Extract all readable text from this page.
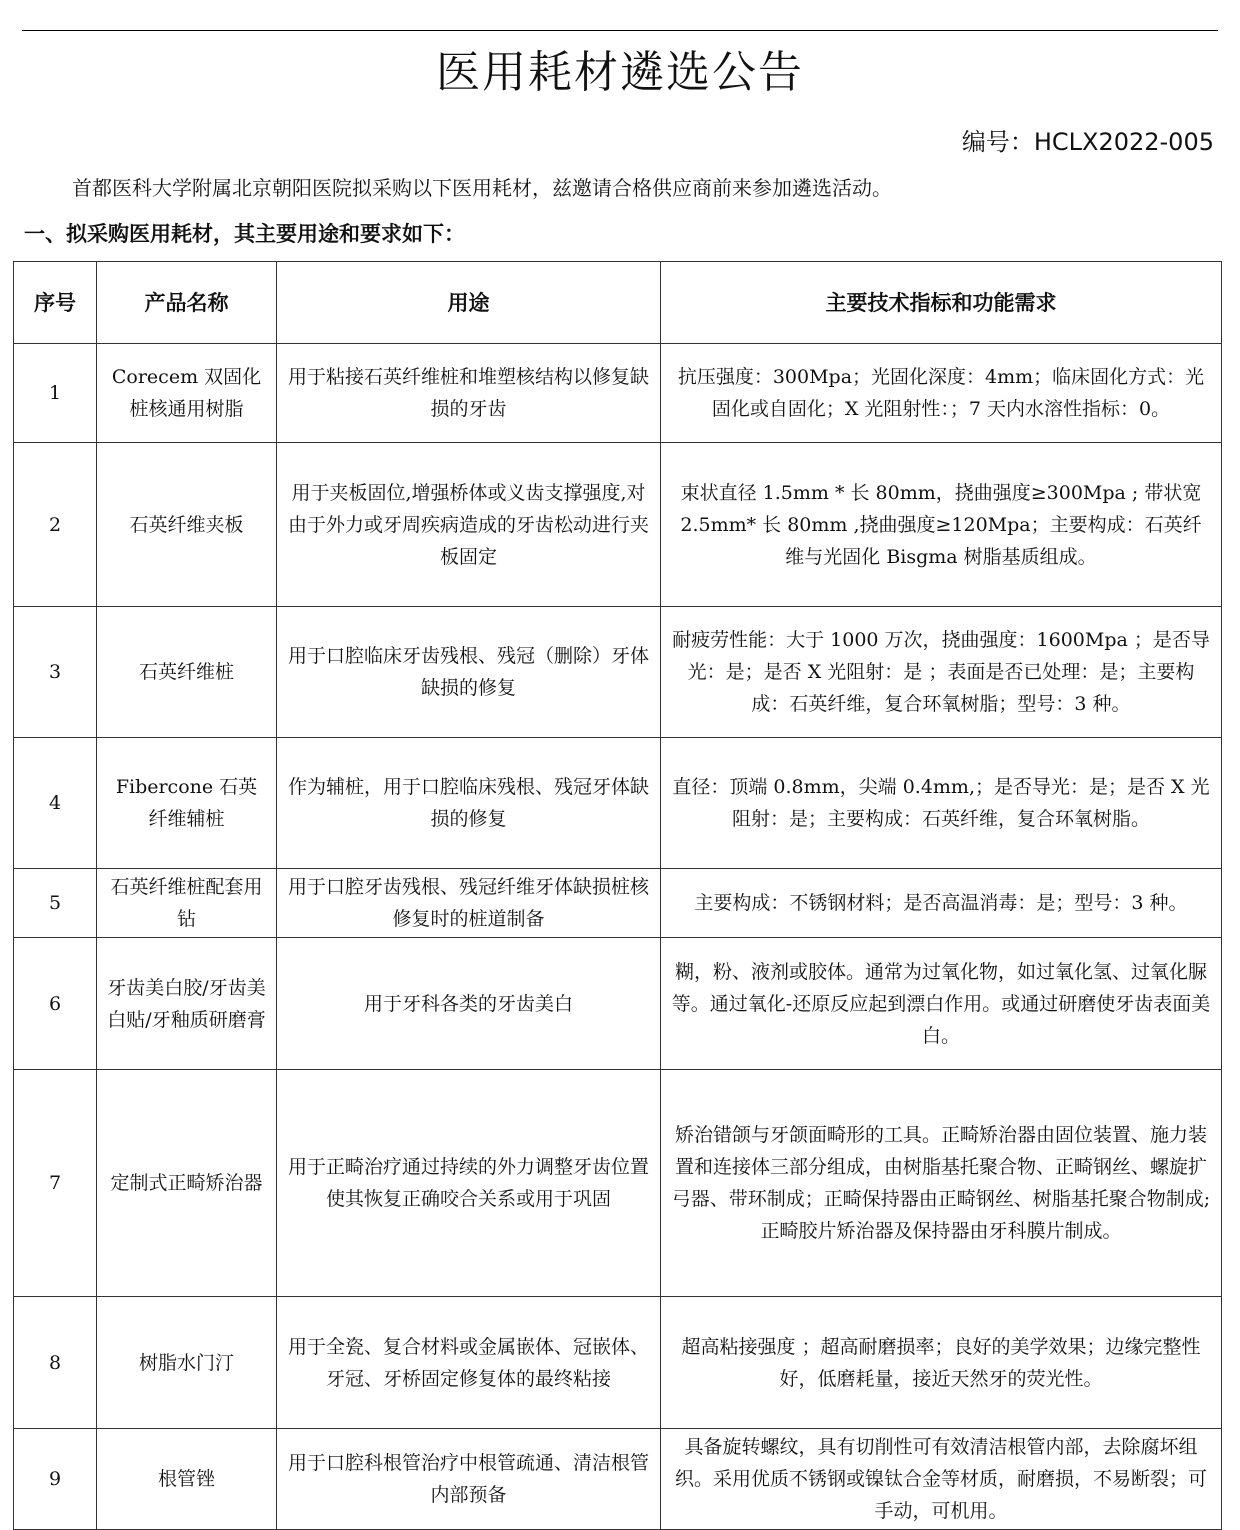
医用耗材遴选公告
编号：HCLX2022-005
首都医科大学附属北京朝阳医院拟采购以下医用耗材，兹邀请合格供应商前来参加遴选活动。
一、拟采购医用耗材，其主要用途和要求如下：
序号	产品名称	用途	主要技术指标和功能需求
1	Corecem 双固化桩核通用树脂	用于粘接石英纤维桩和堆塑核结构以修复缺损的牙齿	抗压强度：300Mpa；光固化深度：4mm；临床固化方式：光固化或自固化；X 光阻射性：；7 天内水溶性指标：0。
2	石英纤维夹板	用于夹板固位,增强桥体或义齿支撑强度,对由于外力或牙周疾病造成的牙齿松动进行夹板固定	束状直径 1.5mm * 长 80mm，挠曲强度≥300Mpa ; 带状宽 2.5mm* 长 80mm ,挠曲强度≥120Mpa；主要构成：石英纤维与光固化 Bisgma 树脂基质组成。
3	石英纤维桩	用于口腔临床牙齿残根、残冠（删除）牙体缺损的修复	耐疲劳性能：大于 1000 万次，挠曲强度：1600Mpa ；是否导光：是；是否 X 光阻射：是 ；表面是否已处理：是；主要构成：石英纤维，复合环氧树脂；型号：3 种。
4	Fibercone 石英纤维辅桩	作为辅桩，用于口腔临床残根、残冠牙体缺损的修复	直径：顶端 0.8mm，尖端 0.4mm,；是否导光：是；是否 X 光阻射：是；主要构成：石英纤维，复合环氧树脂。
5	石英纤维桩配套用钻	用于口腔牙齿残根、残冠纤维牙体缺损桩核修复时的桩道制备	主要构成：不锈钢材料；是否高温消毒：是；型号：3 种。
6	牙齿美白胶/牙齿美白贴/牙釉质研磨膏	用于牙科各类的牙齿美白	糊，粉、液剂或胶体。通常为过氧化物，如过氧化氢、过氧化脲等。通过氧化-还原反应起到漂白作用。或通过研磨使牙齿表面美白。
7	定制式正畸矫治器	用于正畸治疗通过持续的外力调整牙齿位置使其恢复正确咬合关系或用于巩固	矫治错颌与牙颌面畸形的工具。正畸矫治器由固位装置、施力装置和连接体三部分组成，由树脂基托聚合物、正畸钢丝、螺旋扩弓器、带环制成；正畸保持器由正畸钢丝、树脂基托聚合物制成;正畸胶片矫治器及保持器由牙科膜片制成。
8	树脂水门汀	用于全瓷、复合材料或金属嵌体、冠嵌体、牙冠、牙桥固定修复体的最终粘接	超高粘接强度 ；超高耐磨损率；良好的美学效果；边缘完整性好，低磨耗量，接近天然牙的荧光性。
9	根管锉	用于口腔科根管治疗中根管疏通、清洁根管内部预备	具备旋转螺纹，具有切削性可有效清洁根管内部，去除腐坏组织。采用优质不锈钢或镍钛合金等材质，耐磨损，不易断裂；可手动，可机用。
